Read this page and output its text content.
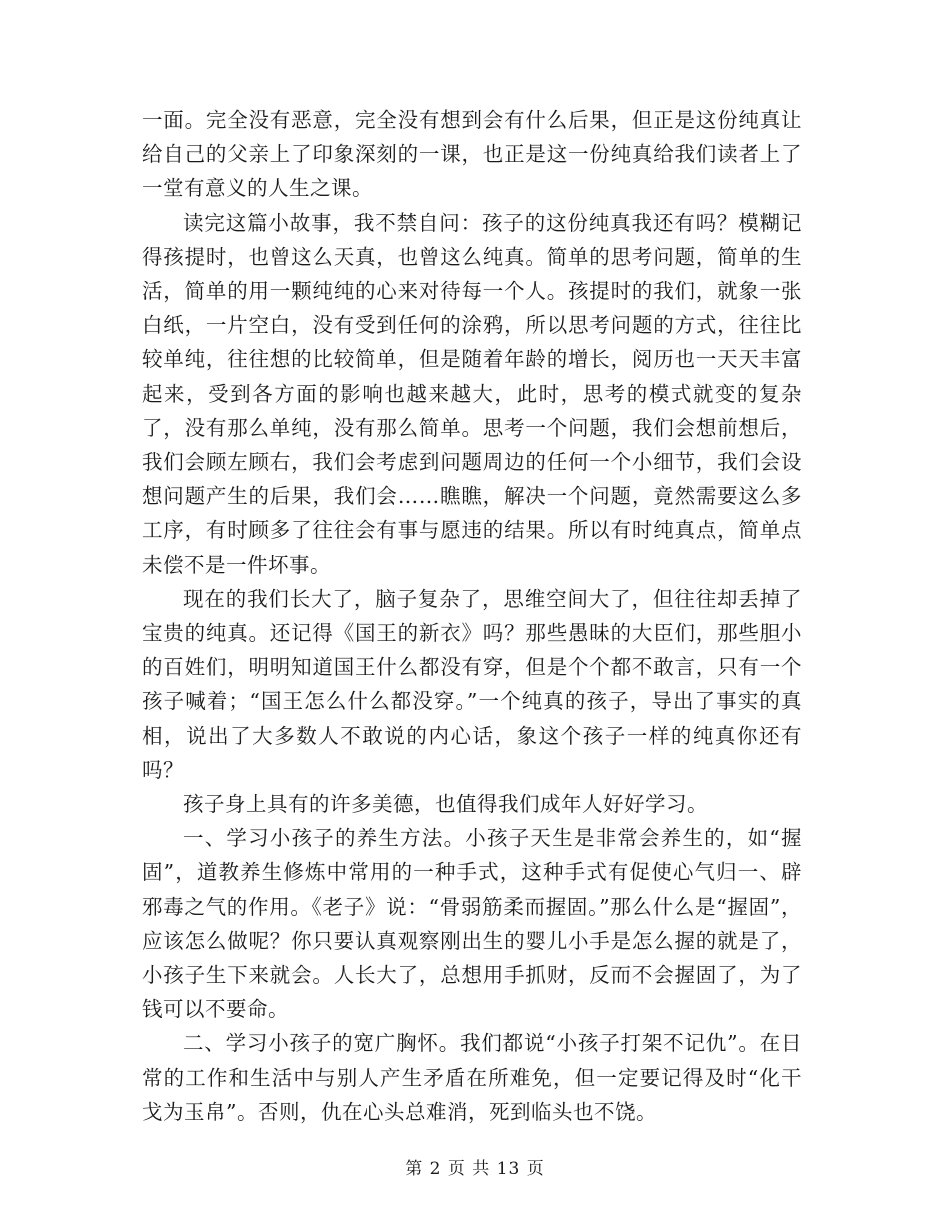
一面。完全没有恶意，完全没有想到会有什么后果，但正是这份纯真让给自己的父亲上了印象深刻的一课，也正是这一份纯真给我们读者上了一堂有意义的人生之课。

读完这篇小故事，我不禁自问：孩子的这份纯真我还有吗？模糊记得孩提时，也曾这么天真，也曾这么纯真。简单的思考问题，简单的生活，简单的用一颗纯纯的心来对待每一个人。孩提时的我们，就象一张白纸，一片空白，没有受到任何的涂鸦，所以思考问题的方式，往往比较单纯，往往想的比较简单，但是随着年龄的增长，阅历也一天天丰富起来，受到各方面的影响也越来越大，此时，思考的模式就变的复杂了，没有那么单纯，没有那么简单。思考一个问题，我们会想前想后，我们会顾左顾右，我们会考虑到问题周边的任何一个小细节，我们会设想问题产生的后果，我们会……瞧瞧，解决一个问题，竟然需要这么多工序，有时顾多了往往会有事与愿违的结果。所以有时纯真点，简单点未偿不是一件坏事。

现在的我们长大了，脑子复杂了，思维空间大了，但往往却丢掉了宝贵的纯真。还记得《国王的新衣》吗？那些愚昧的大臣们，那些胆小的百姓们，明明知道国王什么都没有穿，但是个个都不敢言，只有一个孩子喊着；“国王怎么什么都没穿。”一个纯真的孩子，导出了事实的真相，说出了大多数人不敢说的内心话，象这个孩子一样的纯真你还有吗？

孩子身上具有的许多美德，也值得我们成年人好好学习。

一、学习小孩子的养生方法。小孩子天生是非常会养生的，如“握固”，道教养生修炼中常用的一种手式，这种手式有促使心气归一、辟邪毒之气的作用。《老子》说：“骨弱筋柔而握固。”那么什么是“握固”，应该怎么做呢？你只要认真观察刚出生的婴儿小手是怎么握的就是了，小孩子生下来就会。人长大了，总想用手抓财，反而不会握固了，为了钱可以不要命。

二、学习小孩子的宽广胸怀。我们都说“小孩子打架不记仇”。在日常的工作和生活中与别人产生矛盾在所难免，但一定要记得及时“化干戈为玉帛”。否则，仇在心头总难消，死到临头也不饶。

第 2 页 共 13 页
